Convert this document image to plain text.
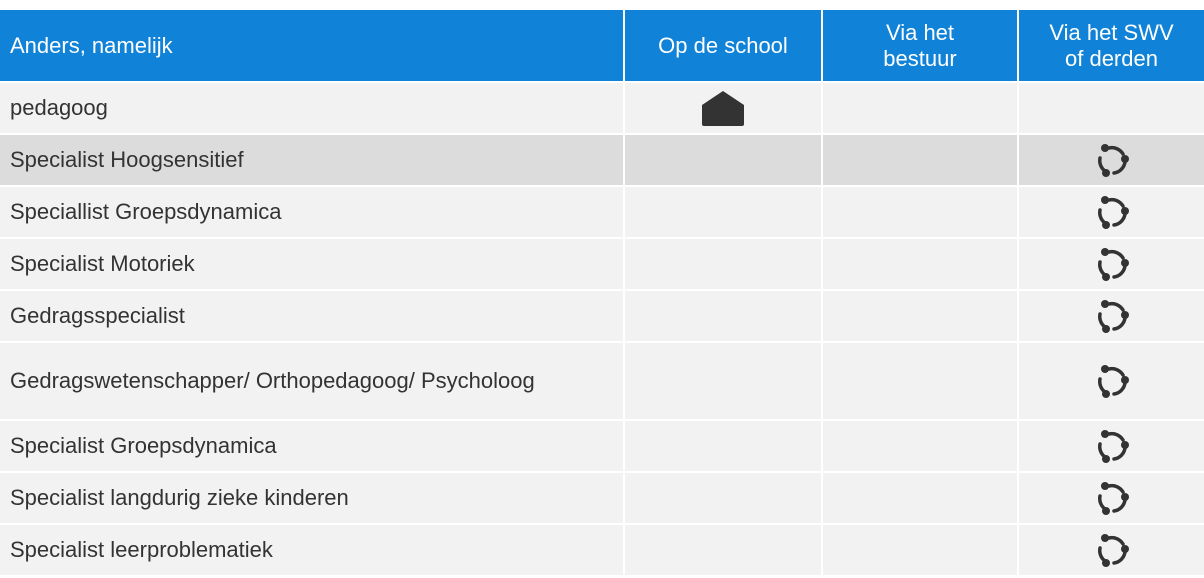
Anders, namelijk	Op de school
Via het
bestuur
Via het SWV
of derden
pedagoog
Specialist Hoogsensitief
Speciallist Groepsdynamica
Specialist Motoriek
Gedragsspecialist
Gedragswetenschapper/ Orthopedagoog/ Psycholoog
Specialist Groepsdynamica
Specialist langdurig zieke kinderen
Specialist leerproblematiek
